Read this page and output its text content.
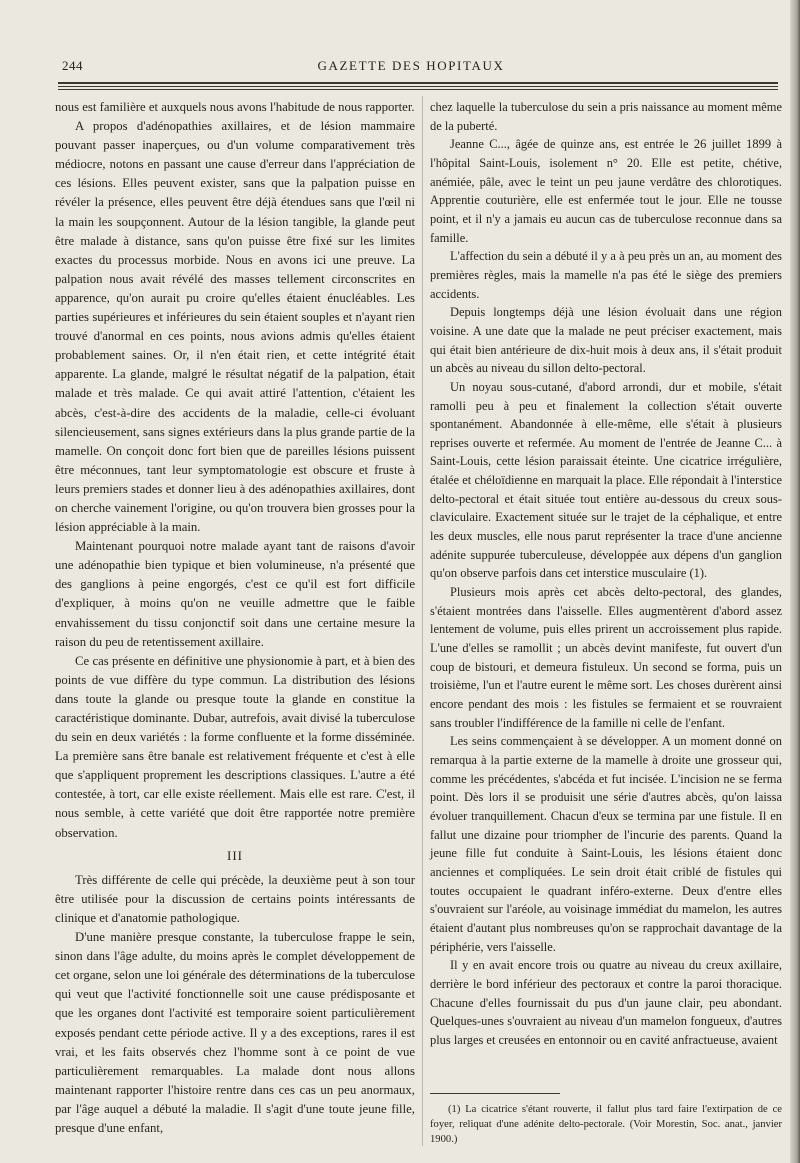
244	GAZETTE DES HOPITAUX

nous est familière et auxquels nous avons l'habitude de nous rapporter.

A propos d'adénopathies axillaires, et de lésion mammaire pouvant passer inaperçues, ou d'un volume comparativement très médiocre, notons en passant une cause d'erreur dans l'appréciation de ces lésions. Elles peuvent exister, sans que la palpation puisse en révéler la présence, elles peuvent être déjà étendues sans que l'œil ni la main les soupçonnent. Autour de la lésion tangible, la glande peut être malade à distance, sans qu'on puisse être fixé sur les limites exactes du processus morbide. Nous en avons ici une preuve. La palpation nous avait révélé des masses tellement circonscrites en apparence, qu'on aurait pu croire qu'elles étaient énucléables. Les parties supérieures et inférieures du sein étaient souples et n'ayant rien trouvé d'anormal en ces points, nous avions admis qu'elles étaient probablement saines. Or, il n'en était rien, et cette intégrité était apparente. La glande, malgré le résultat négatif de la palpation, était malade et très malade. Ce qui avait attiré l'attention, c'étaient les abcès, c'est-à-dire des accidents de la maladie, celle-ci évoluant silencieusement, sans signes extérieurs dans la plus grande partie de la mamelle. On conçoit donc fort bien que de pareilles lésions puissent être méconnues, tant leur symptomatologie est obscure et fruste à leurs premiers stades et donner lieu à des adénopathies axillaires, dont on cherche vainement l'origine, ou qu'on trouvera bien grosses pour la lésion appréciable à la main.

Maintenant pourquoi notre malade ayant tant de raisons d'avoir une adénopathie bien typique et bien volumineuse, n'a présenté que des ganglions à peine engorgés, c'est ce qu'il est fort difficile d'expliquer, à moins qu'on ne veuille admettre que le faible envahissement du tissu conjonctif soit dans une certaine mesure la raison du peu de retentissement axillaire.

Ce cas présente en définitive une physionomie à part, et à bien des points de vue diffère du type commun. La distribution des lésions dans toute la glande ou presque toute la glande en constitue la caractéristique dominante. Dubar, autrefois, avait divisé la tuberculose du sein en deux variétés : la forme confluente et la forme disséminée. La première sans être banale est relativement fréquente et c'est à elle que s'appliquent proprement les descriptions classiques. L'autre a été contestée, à tort, car elle existe réellement. Mais elle est rare. C'est, il nous semble, à cette variété que doit être rapportée notre première observation.

III

Très différente de celle qui précède, la deuxième peut à son tour être utilisée pour la discussion de certains points intéressants de clinique et d'anatomie pathologique.

D'une manière presque constante, la tuberculose frappe le sein, sinon dans l'âge adulte, du moins après le complet développement de cet organe, selon une loi générale des déterminations de la tuberculose qui veut que l'activité fonctionnelle soit une cause prédisposante et que les organes dont l'activité est temporaire soient particulièrement exposés pendant cette période active. Il y a des exceptions, rares il est vrai, et les faits observés chez l'homme sont à ce point de vue particulièrement remarquables. La malade dont nous allons maintenant rapporter l'histoire rentre dans ces cas un peu anormaux, par l'âge auquel a débuté la maladie. Il s'agit d'une toute jeune fille, presque d'une enfant,

chez laquelle la tuberculose du sein a pris naissance au moment même de la puberté.

Jeanne C..., âgée de quinze ans, est entrée le 26 juillet 1899 à l'hôpital Saint-Louis, isolement n° 20. Elle est petite, chétive, anémiée, pâle, avec le teint un peu jaune verdâtre des chlorotiques. Apprentie couturière, elle est enfermée tout le jour. Elle ne tousse point, et il n'y a jamais eu aucun cas de tuberculose reconnue dans sa famille.

L'affection du sein a débuté il y a à peu près un an, au moment des premières règles, mais la mamelle n'a pas été le siège des premiers accidents.

Depuis longtemps déjà une lésion évoluait dans une région voisine. A une date que la malade ne peut préciser exactement, mais qui était bien antérieure de dix-huit mois à deux ans, il s'était produit un abcès au niveau du sillon delto-pectoral.

Un noyau sous-cutané, d'abord arrondi, dur et mobile, s'était ramolli peu à peu et finalement la collection s'était ouverte spontanément. Abandonnée à elle-même, elle s'était à plusieurs reprises ouverte et refermée. Au moment de l'entrée de Jeanne C... à Saint-Louis, cette lésion paraissait éteinte. Une cicatrice irrégulière, étalée et chéloïdienne en marquait la place. Elle répondait à l'interstice delto-pectoral et était située tout entière au-dessous du creux sous-claviculaire. Exactement située sur le trajet de la céphalique, et entre les deux muscles, elle nous parut représenter la trace d'une ancienne adénite suppurée tuberculeuse, développée aux dépens d'un ganglion qu'on observe parfois dans cet interstice musculaire (1).

Plusieurs mois après cet abcès delto-pectoral, des glandes, s'étaient montrées dans l'aisselle. Elles augmentèrent d'abord assez lentement de volume, puis elles prirent un accroissement plus rapide. L'une d'elles se ramollit ; un abcès devint manifeste, fut ouvert d'un coup de bistouri, et demeura fistuleux. Un second se forma, puis un troisième, l'un et l'autre eurent le même sort. Les choses durèrent ainsi encore pendant des mois : les fistules se fermaient et se rouvraient sans troubler l'indifférence de la famille ni celle de l'enfant.

Les seins commençaient à se développer. A un moment donné on remarqua à la partie externe de la mamelle à droite une grosseur qui, comme les précédentes, s'abcéda et fut incisée. L'incision ne se ferma point. Dès lors il se produisit une série d'autres abcès, qu'on laissa évoluer tranquillement. Chacun d'eux se termina par une fistule. Il en fallut une dizaine pour triompher de l'incurie des parents. Quand la jeune fille fut conduite à Saint-Louis, les lésions étaient donc anciennes et compliquées. Le sein droit était criblé de fistules qui toutes occupaient le quadrant inféro-externe. Deux d'entre elles s'ouvraient sur l'aréole, au voisinage immédiat du mamelon, les autres étaient d'autant plus nombreuses qu'on se rapprochait davantage de la périphérie, vers l'aisselle.

Il y en avait encore trois ou quatre au niveau du creux axillaire, derrière le bord inférieur des pectoraux et contre la paroi thoracique. Chacune d'elles fournissait du pus d'un jaune clair, peu abondant. Quelques-unes s'ouvraient au niveau d'un mamelon fongueux, d'autres plus larges et creusées en entonnoir ou en cavité anfractueuse, avaient

(1) La cicatrice s'étant rouverte, il fallut plus tard faire l'extirpation de ce foyer, reliquat d'une adénite delto-pectorale. (Voir Morestin, Soc. anat., janvier 1900.)
